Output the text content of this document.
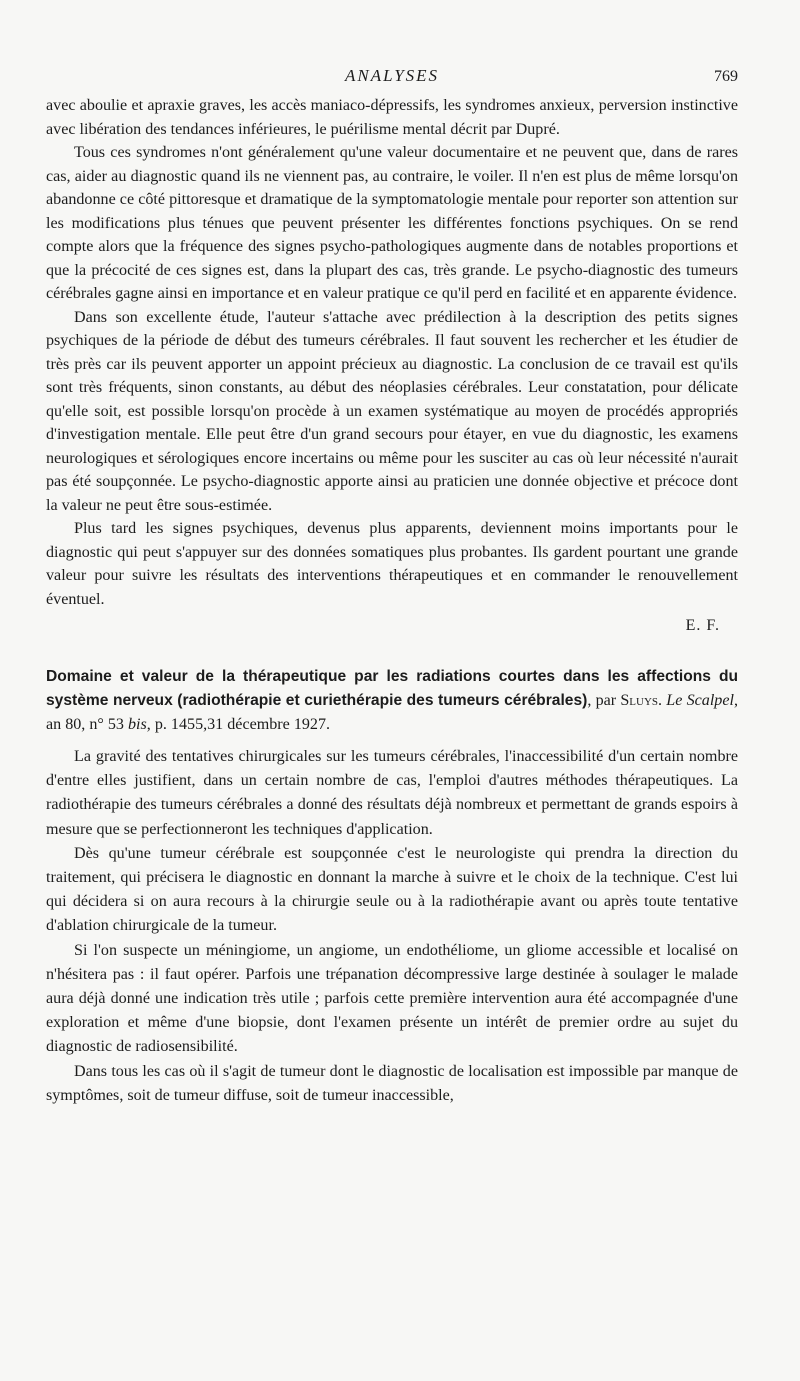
ANALYSES	769

avec aboulie et apraxie graves, les accès maniaco-dépressifs, les syndromes anxieux, perversion instinctive avec libération des tendances inférieures, le puérilisme mental décrit par Dupré.

Tous ces syndromes n'ont généralement qu'une valeur documentaire et ne peuvent que, dans de rares cas, aider au diagnostic quand ils ne viennent pas, au contraire, le voiler. Il n'en est plus de même lorsqu'on abandonne ce côté pittoresque et dramatique de la symptomatologie mentale pour reporter son attention sur les modifications plus ténues que peuvent présenter les différentes fonctions psychiques. On se rend compte alors que la fréquence des signes psycho-pathologiques augmente dans de notables proportions et que la précocité de ces signes est, dans la plupart des cas, très grande. Le psycho-diagnostic des tumeurs cérébrales gagne ainsi en importance et en valeur pratique ce qu'il perd en facilité et en apparente évidence.

Dans son excellente étude, l'auteur s'attache avec prédilection à la description des petits signes psychiques de la période de début des tumeurs cérébrales. Il faut souvent les rechercher et les étudier de très près car ils peuvent apporter un appoint précieux au diagnostic. La conclusion de ce travail est qu'ils sont très fréquents, sinon constants, au début des néoplasies cérébrales. Leur constatation, pour délicate qu'elle soit, est possible lorsqu'on procède à un examen systématique au moyen de procédés appropriés d'investigation mentale. Elle peut être d'un grand secours pour étayer, en vue du diagnostic, les examens neurologiques et sérologiques encore incertains ou même pour les susciter au cas où leur nécessité n'aurait pas été soupçonnée. Le psycho-diagnostic apporte ainsi au praticien une donnée objective et précoce dont la valeur ne peut être sous-estimée.

Plus tard les signes psychiques, devenus plus apparents, deviennent moins importants pour le diagnostic qui peut s'appuyer sur des données somatiques plus probantes. Ils gardent pourtant une grande valeur pour suivre les résultats des interventions thérapeutiques et en commander le renouvellement éventuel.

E. F.
Domaine et valeur de la thérapeutique par les radiations courtes dans les affections du système nerveux (radiothérapie et curiethérapie des tumeurs cérébrales), par Sluys. Le Scalpel, an 80, n° 53 bis, p. 1455,31 décembre 1927.

La gravité des tentatives chirurgicales sur les tumeurs cérébrales, l'inaccessibilité d'un certain nombre d'entre elles justifient, dans un certain nombre de cas, l'emploi d'autres méthodes thérapeutiques. La radiothérapie des tumeurs cérébrales a donné des résultats déjà nombreux et permettant de grands espoirs à mesure que se perfectionneront les techniques d'application.

Dès qu'une tumeur cérébrale est soupçonnée c'est le neurologiste qui prendra la direction du traitement, qui précisera le diagnostic en donnant la marche à suivre et le choix de la technique. C'est lui qui décidera si on aura recours à la chirurgie seule ou à la radiothérapie avant ou après toute tentative d'ablation chirurgicale de la tumeur.

Si l'on suspecte un méningiome, un angiome, un endothéliome, un gliome accessible et localisé on n'hésitera pas : il faut opérer. Parfois une trépanation décompressive large destinée à soulager le malade aura déjà donné une indication très utile ; parfois cette première intervention aura été accompagnée d'une exploration et même d'une biopsie, dont l'examen présente un intérêt de premier ordre au sujet du diagnostic de radiosensibilité.

Dans tous les cas où il s'agit de tumeur dont le diagnostic de localisation est impossible par manque de symptômes, soit de tumeur diffuse, soit de tumeur inaccessible,
